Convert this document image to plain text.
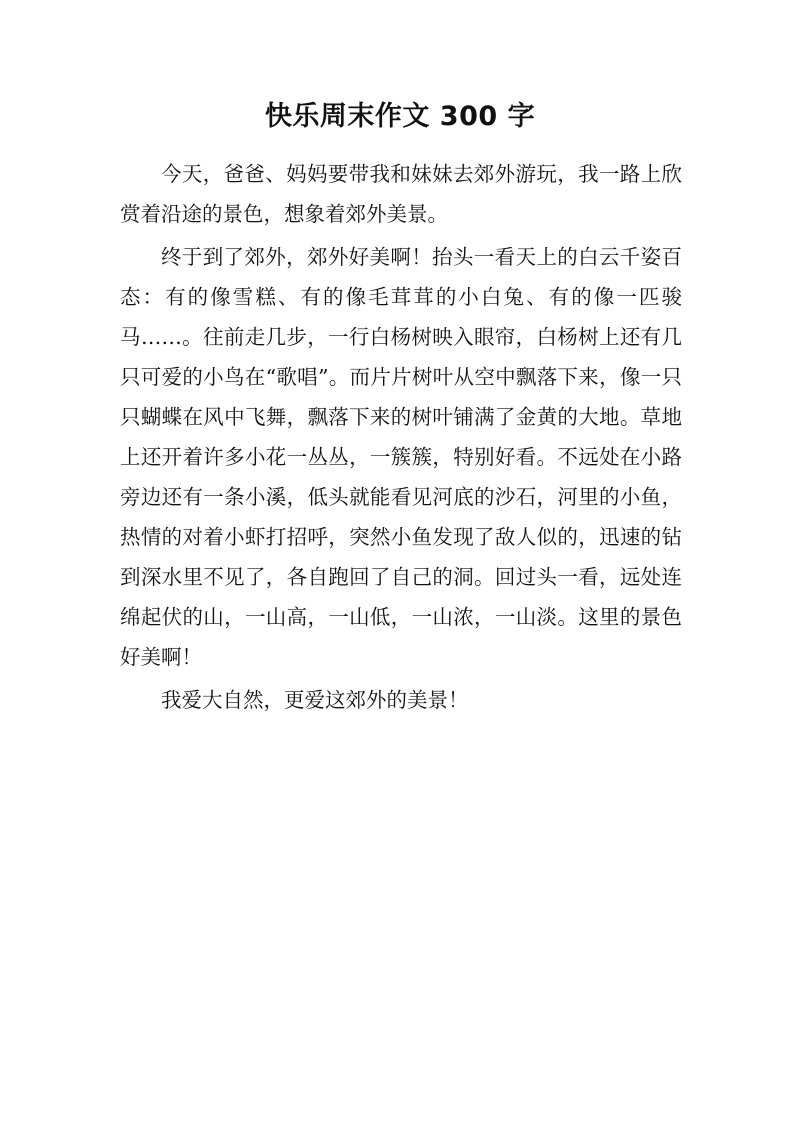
快乐周末作文 300 字

今天，爸爸、妈妈要带我和妹妹去郊外游玩，我一路上欣赏着沿途的景色，想象着郊外美景。

终于到了郊外，郊外好美啊！抬头一看天上的白云千姿百态：有的像雪糕、有的像毛茸茸的小白兔、有的像一匹骏马……。往前走几步，一行白杨树映入眼帘，白杨树上还有几只可爱的小鸟在“歌唱”。而片片树叶从空中飘落下来，像一只只蝴蝶在风中飞舞，飘落下来的树叶铺满了金黄的大地。草地上还开着许多小花一丛丛，一簇簇，特别好看。不远处在小路旁边还有一条小溪，低头就能看见河底的沙石，河里的小鱼，热情的对着小虾打招呼，突然小鱼发现了敌人似的，迅速的钻到深水里不见了，各自跑回了自己的洞。回过头一看，远处连绵起伏的山，一山高，一山低，一山浓，一山淡。这里的景色好美啊！

我爱大自然，更爱这郊外的美景！
